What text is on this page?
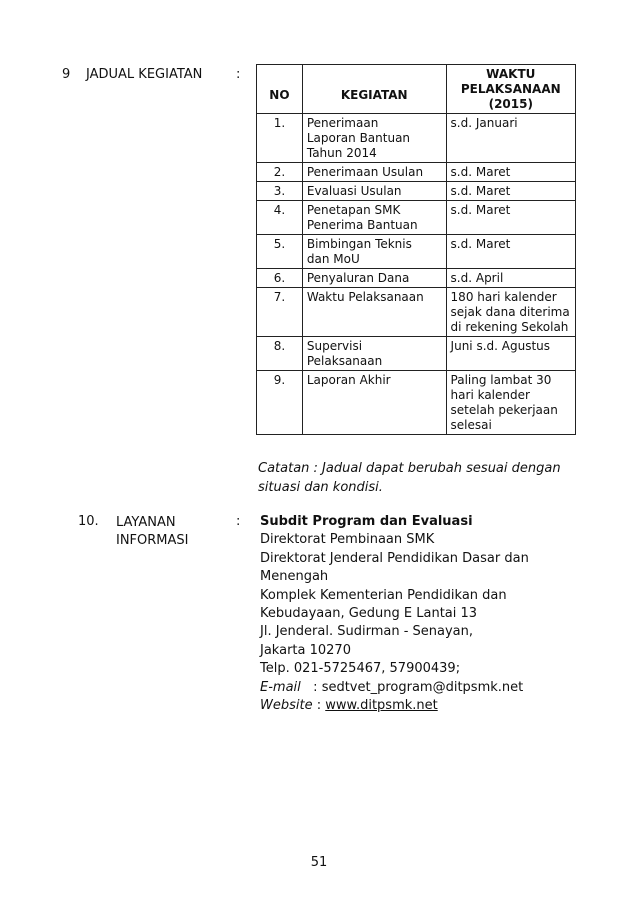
9 JADUAL KEGIATAN	:
NO	KEGIATAN	WAKTU
PELAKSANAAN
(2015)

1.	Penerimaan
Laporan Bantuan
Tahun 2014	s.d. Januari

2.	Penerimaan Usulan	s.d. Maret

3.	Evaluasi Usulan	s.d. Maret

4.	Penetapan SMK
Penerima Bantuan	s.d. Maret

5.	Bimbingan Teknis
dan MoU	s.d. Maret

6.	Penyaluran Dana	s.d. April

7.	Waktu Pelaksanaan	180 hari kalender
sejak dana diterima
di rekening Sekolah

8.	Supervisi
Pelaksanaan	Juni s.d. Agustus

9.	Laporan Akhir	Paling lambat 30
hari kalender
setelah pekerjaan
selesai
Catatan : Jadual dapat berubah sesuai dengan
situasi dan kondisi.
10. LAYANAN
INFORMASI
: Subdit Program dan Evaluasi
Direktorat Pembinaan SMK
Direktorat Jenderal Pendidikan Dasar dan
Menengah
Komplek Kementerian Pendidikan dan
Kebudayaan, Gedung E Lantai 13
Jl. Jenderal. Sudirman - Senayan,
Jakarta 10270
Telp. 021-5725467, 57900439;
E-mail   : sedtvet_program@ditpsmk.net
Website : www.ditpsmk.net
51
